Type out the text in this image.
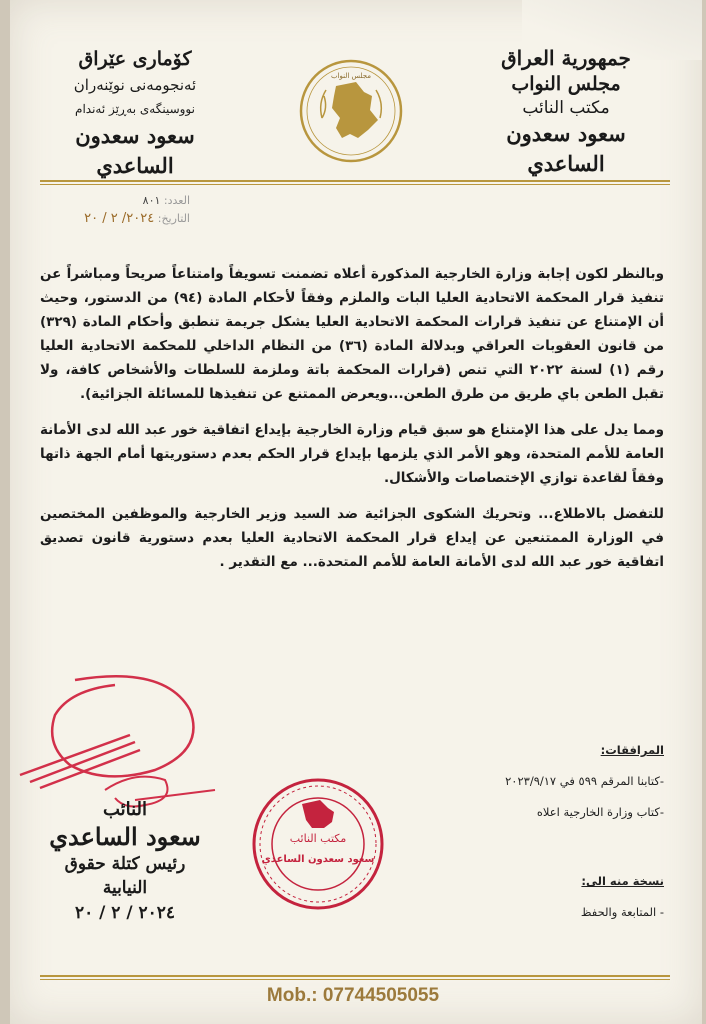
جمهورية العراق
مجلس النواب
مكتب النائب
سعود سعدون الساعدي
كۆماری عێراق
ئەنجومەنی نوێنەران
نووسینگەی بەڕێز ئەندام
سعود سعدون الساعدي
مجلس النواب
العدد: ٨٠١
التاريخ: ٢٠٢٤/ ٢ / ٢٠

وبالنظر لكون إجابة وزارة الخارجية المذكورة أعلاه تضمنت تسويفاً وامتناعاً صريحاً ومباشراً عن تنفيذ قرار المحكمة الاتحادية العليا البات والملزم وفقاً لأحكام المادة (٩٤) من الدستور، وحيث أن الإمتناع عن تنفيذ قرارات المحكمة الاتحادية العليا يشكل جريمة تنطبق وأحكام المادة (٣٢٩) من قانون العقوبات العراقي وبدلالة المادة (٣٦) من النظام الداخلي للمحكمة الاتحادية العليا رقم (١) لسنة ٢٠٢٢ التي تنص (قرارات المحكمة باتة وملزمة للسلطات والأشخاص كافة، ولا تقبل الطعن باي طريق من طرق الطعن...ويعرض الممتنع عن تنفيذها للمسائلة الجزائية).

ومما يدل على هذا الإمتناع هو سبق قيام وزارة الخارجية بإيداع اتفاقية خور عبد الله لدى الأمانة العامة للأمم المتحدة، وهو الأمر الذي يلزمها بإيداع قرار الحكم بعدم دستوريتها أمام الجهة ذاتها وفقاً لقاعدة توازي الإختصاصات والأشكال.

للتفضل بالاطلاع... وتحريك الشكوى الجزائية ضد السيد وزير الخارجية والموظفين المختصين في الوزارة الممتنعين عن إيداع قرار المحكمة الاتحادية العليا بعدم دستورية قانون تصديق اتفاقية خور عبد الله لدى الأمانة العامة للأمم المتحدة... مع التقدير .

المرافقات:
-كتابنا المرقم ٥٩٩ في ٢٠٢٣/٩/١٧
-كتاب وزارة الخارجية اعلاه
نسخة منه الى:
- المتابعة والحفظ
النائب
سعود الساعدي
رئيس كتلة حقوق النيابية
٢٠٢٤ / ٢ / ٢٠
مكتب النائب
سعود سعدون الساعدي
Mob.: 07744505055
